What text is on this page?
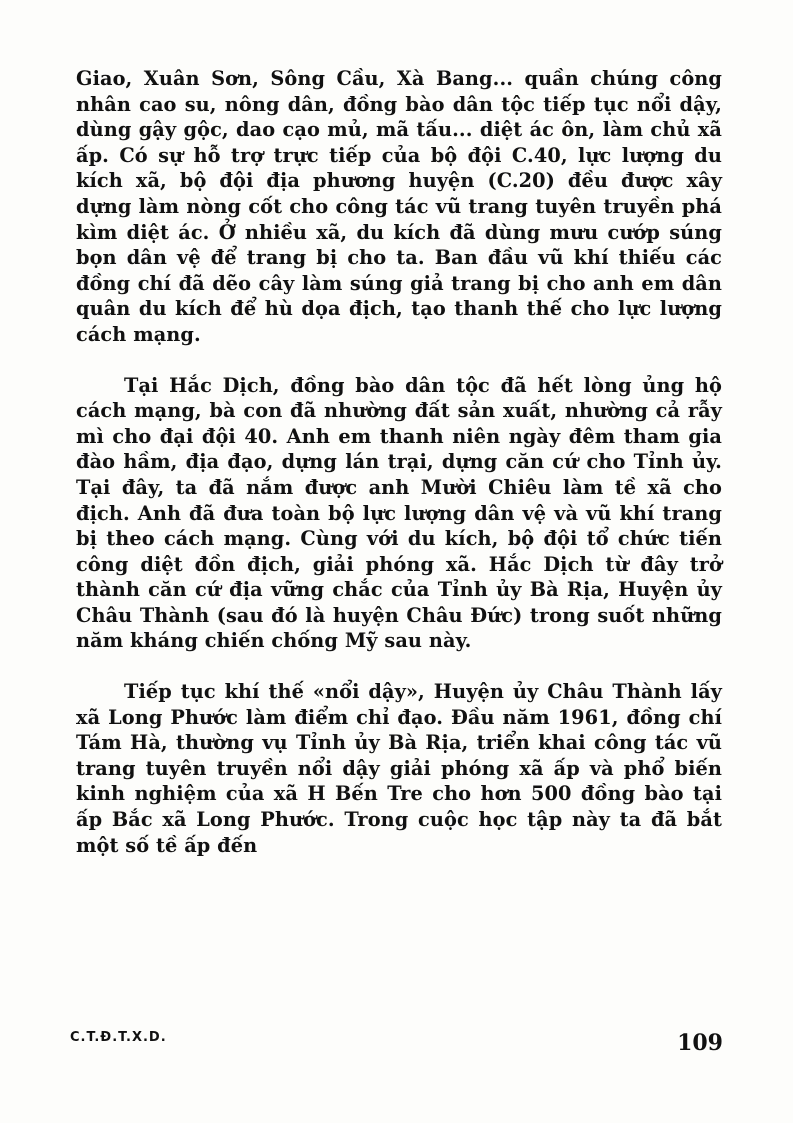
Giao, Xuân Sơn, Sông Cầu, Xà Bang... quần chúng công nhân cao su, nông dân, đồng bào dân tộc tiếp tục nổi dậy, dùng gậy gộc, dao cạo mủ, mã tấu... diệt ác ôn, làm chủ xã ấp. Có sự hỗ trợ trực tiếp của bộ đội C.40, lực lượng du kích xã, bộ đội địa phương huyện (C.20) đều được xây dựng làm nòng cốt cho công tác vũ trang tuyên truyền phá kìm diệt ác. Ở nhiều xã, du kích đã dùng mưu cướp súng bọn dân vệ để trang bị cho ta. Ban đầu vũ khí thiếu các đồng chí đã dẽo cây làm súng giả trang bị cho anh em dân quân du kích để hù dọa địch, tạo thanh thế cho lực lượng cách mạng.

Tại Hắc Dịch, đồng bào dân tộc đã hết lòng ủng hộ cách mạng, bà con đã nhường đất sản xuất, nhường cả rẫy mì cho đại đội 40. Anh em thanh niên ngày đêm tham gia đào hầm, địa đạo, dựng lán trại, dựng căn cứ cho Tỉnh ủy. Tại đây, ta đã nắm được anh Mười Chiêu làm tề xã cho địch. Anh đã đưa toàn bộ lực lượng dân vệ và vũ khí trang bị theo cách mạng. Cùng với du kích, bộ đội tổ chức tiến công diệt đồn địch, giải phóng xã. Hắc Dịch từ đây trở thành căn cứ địa vững chắc của Tỉnh ủy Bà Rịa, Huyện ủy Châu Thành (sau đó là huyện Châu Đức) trong suốt những năm kháng chiến chống Mỹ sau này.

Tiếp tục khí thế «nổi dậy», Huyện ủy Châu Thành lấy xã Long Phước làm điểm chỉ đạo. Đầu năm 1961, đồng chí Tám Hà, thường vụ Tỉnh ủy Bà Rịa, triển khai công tác vũ trang tuyên truyền nổi dậy giải phóng xã ấp và phổ biến kinh nghiệm của xã H Bến Tre cho hơn 500 đồng bào tại ấp Bắc xã Long Phước. Trong cuộc học tập này ta đã bắt một số tề ấp đến

C.T.Đ.T.X.D.	109
